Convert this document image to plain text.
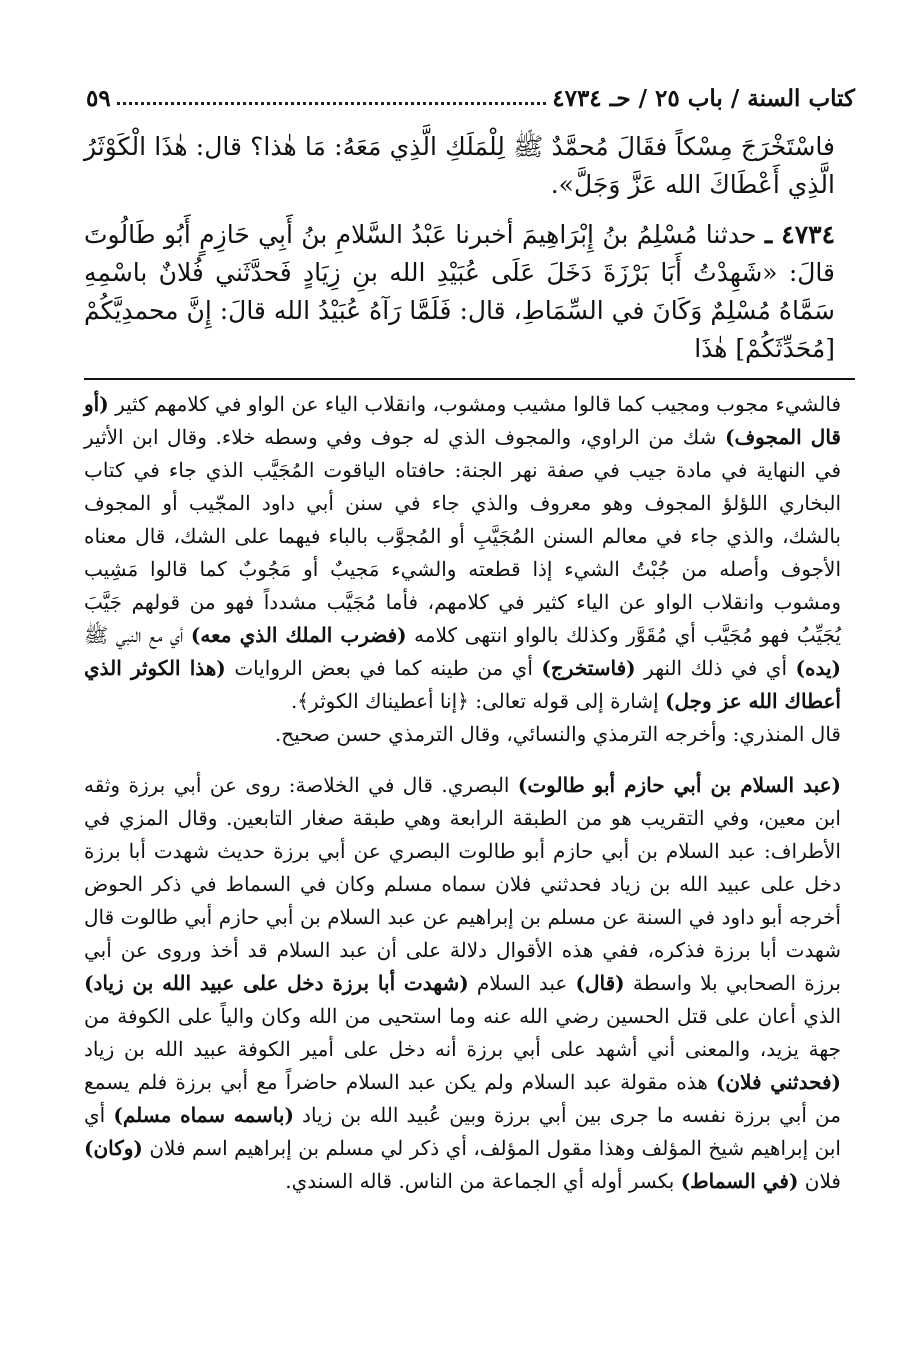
كتاب السنة / باب ٢٥ / حـ ٤٧٣٤
٥٩

فاسْتَخْرَجَ مِسْكاً فقَالَ مُحمَّدٌ ﷺ لِلْمَلَكِ الَّذِي مَعَهُ: مَا هٰذا؟ قال: هٰذَا الْكَوْثَرُ الَّذِي أَعْطَاكَ الله عَزَّ وَجَلَّ».

٤٧٣٤ ـ حدثنا مُسْلِمُ بنُ إِبْرَاهِيمَ أخبرنا عَبْدُ السَّلامِ بنُ أَبِي حَازِمٍ أَبُو طَالُوتَ قالَ: «شَهِدْتُ أَبَا بَرْزَةَ دَخَلَ عَلَى عُبَيْدِ الله بنِ زِيَادٍ فَحدَّثَني فُلانٌ باسْمِهِ سَمَّاهُ مُسْلِمٌ وَكَانَ في السِّمَاطِ، قال: فَلَمَّا رَآهُ عُبَيْدُ الله قالَ: إِنَّ محمدِيَّكُمْ [مُحَدِّثَكُمْ] هٰذَا

فالشيء مجوب ومجيب كما قالوا مشيب ومشوب، وانقلاب الياء عن الواو في كلامهم كثير (أو قال المجوف) شك من الراوي، والمجوف الذي له جوف وفي وسطه خلاء. وقال ابن الأثير في النهاية في مادة جيب في صفة نهر الجنة: حافتاه الياقوت المُجَيَّب الذي جاء في كتاب البخاري اللؤلؤ المجوف وهو معروف والذي جاء في سنن أبي داود المجّيب أو المجوف بالشك، والذي جاء في معالم السنن المُجَيَّبِ أو المُجوَّب بالباء فيهما على الشك، قال معناه الأجوف وأصله من جُبْتُ الشيء إذا قطعته والشيء مَجيبٌ أو مَجُوبٌ كما قالوا مَشِيب ومشوب وانقلاب الواو عن الياء كثير في كلامهم، فأما مُجَيَّب مشدداً فهو من قولهم جَيَّبَ يُجَيِّبُ فهو مُجَيَّب أي مُقَوَّر وكذلك بالواو انتهى كلامه (فضرب الملك الذي معه) أي مع النبي ﷺ (يده) أي في ذلك النهر (فاستخرج) أي من طينه كما في بعض الروايات (هذا الكوثر الذي أعطاك الله عز وجل) إشارة إلى قوله تعالى: ﴿إنا أعطيناك الكوثر﴾.

قال المنذري: وأخرجه الترمذي والنسائي، وقال الترمذي حسن صحيح.

(عبد السلام بن أبي حازم أبو طالوت) البصري. قال في الخلاصة: روى عن أبي برزة وثقه ابن معين، وفي التقريب هو من الطبقة الرابعة وهي طبقة صغار التابعين. وقال المزي في الأطراف: عبد السلام بن أبي حازم أبو طالوت البصري عن أبي برزة حديث شهدت أبا برزة دخل على عبيد الله بن زياد فحدثني فلان سماه مسلم وكان في السماط في ذكر الحوض أخرجه أبو داود في السنة عن مسلم بن إبراهيم عن عبد السلام بن أبي حازم أبي طالوت قال شهدت أبا برزة فذكره، ففي هذه الأقوال دلالة على أن عبد السلام قد أخذ وروى عن أبي برزة الصحابي بلا واسطة (قال) عبد السلام (شهدت أبا برزة دخل على عبيد الله بن زياد) الذي أعان على قتل الحسين رضي الله عنه وما استحيى من الله وكان والياً على الكوفة من جهة يزيد، والمعنى أني أشهد على أبي برزة أنه دخل على أمير الكوفة عبيد الله بن زياد (فحدثني فلان) هذه مقولة عبد السلام ولم يكن عبد السلام حاضراً مع أبي برزة فلم يسمع من أبي برزة نفسه ما جرى بين أبي برزة وبين عُبيد الله بن زياد (باسمه سماه مسلم) أي ابن إبراهيم شيخ المؤلف وهذا مقول المؤلف، أي ذكر لي مسلم بن إبراهيم اسم فلان (وكان) فلان (في السماط) بكسر أوله أي الجماعة من الناس. قاله السندي.
